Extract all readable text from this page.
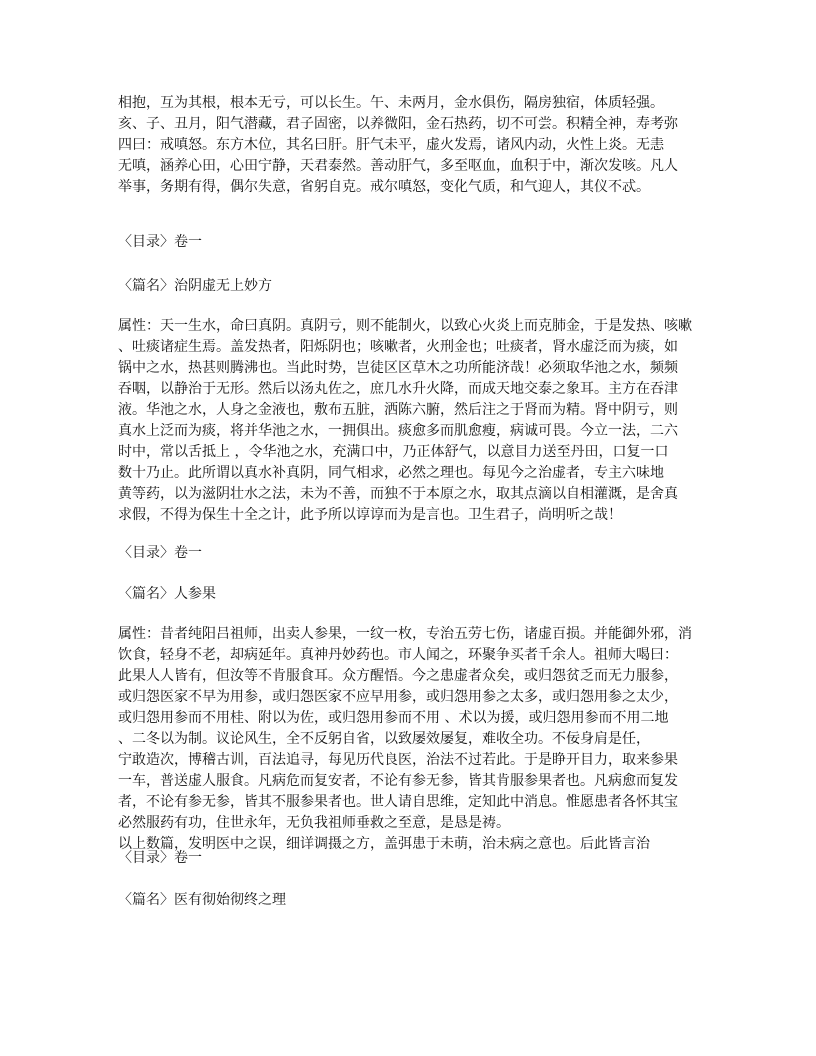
相抱，互为其根，根本无亏，可以长生。午、未两月，金水俱伤，隔房独宿，体质轻强。
亥、子、丑月，阳气潜藏，君子固密，以养微阳，金石热药，切不可尝。积精全神，寿考弥
四曰：戒嗔怒。东方木位，其名曰肝。肝气未平，虚火发焉，诸风内动，火性上炎。无恚
无嗔，涵养心田，心田宁静，天君泰然。善动肝气，多至呕血，血积于中，渐次发咳。凡人
举事，务期有得，偶尔失意，省躬自克。戒尔嗔怒，变化气质，和气迎人，其仪不忒。
〈目录〉卷一
〈篇名〉治阴虚无上妙方
属性：天一生水，命曰真阴。真阴亏，则不能制火，以致心火炎上而克肺金，于是发热、咳嗽
、吐痰诸症生焉。盖发热者，阳烁阴也；咳嗽者，火刑金也；吐痰者，肾水虚泛而为痰，如
锅中之水，热甚则腾沸也。当此时势，岂徒区区草木之功所能济哉！必须取华池之水，频频
吞咽，以静治于无形。然后以汤丸佐之，庶几水升火降，而成天地交泰之象耳。主方在吞津
液。华池之水，人身之金液也，敷布五脏，洒陈六腑，然后注之于肾而为精。肾中阴亏，则
真水上泛而为痰，将并华池之水，一拥俱出。痰愈多而肌愈瘦，病诚可畏。今立一法，二六
时中，常以舌抵上 ，令华池之水，充满口中，乃正体舒气，以意目力送至丹田，口复一口
数十乃止。此所谓以真水补真阴，同气相求，必然之理也。每见今之治虚者，专主六味地
黄等药，以为滋阴壮水之法，未为不善，而独不于本原之水，取其点滴以自相灌溉，是舍真
求假，不得为保生十全之计，此予所以谆谆而为是言也。卫生君子，尚明听之哉！
〈目录〉卷一
〈篇名〉人参果
属性：昔者纯阳吕祖师，出卖人参果，一纹一枚，专治五劳七伤，诸虚百损。并能御外邪，消
饮食，轻身不老，却病延年。真神丹妙药也。市人闻之，环聚争买者千余人。祖师大喝曰：
此果人人皆有，但汝等不肯服食耳。众方醒悟。今之患虚者众矣，或归怨贫乏而无力服参，
或归怨医家不早为用参，或归怨医家不应早用参，或归怨用参之太多，或归怨用参之太少，
或归怨用参而不用桂、附以为佐，或归怨用参而不用 、术以为援，或归怨用参而不用二地
、二冬以为制。议论风生，全不反躬自省，以致屡效屡复，难收全功。不佞身肩是任，
宁敢造次，博稽古训，百法追寻，每见历代良医，治法不过若此。于是睁开目力，取来参果
一车，普送虚人服食。凡病危而复安者，不论有参无参，皆其肯服参果者也。凡病愈而复发
者，不论有参无参，皆其不服参果者也。世人请自思维，定知此中消息。惟愿患者各怀其宝
必然服药有功，住世永年，无负我祖师垂救之至意，是恳是祷。
以上数篇，发明医中之误，细详调摄之方，盖弭患于未萌，治未病之意也。后此皆言治
〈目录〉卷一
〈篇名〉医有彻始彻终之理
